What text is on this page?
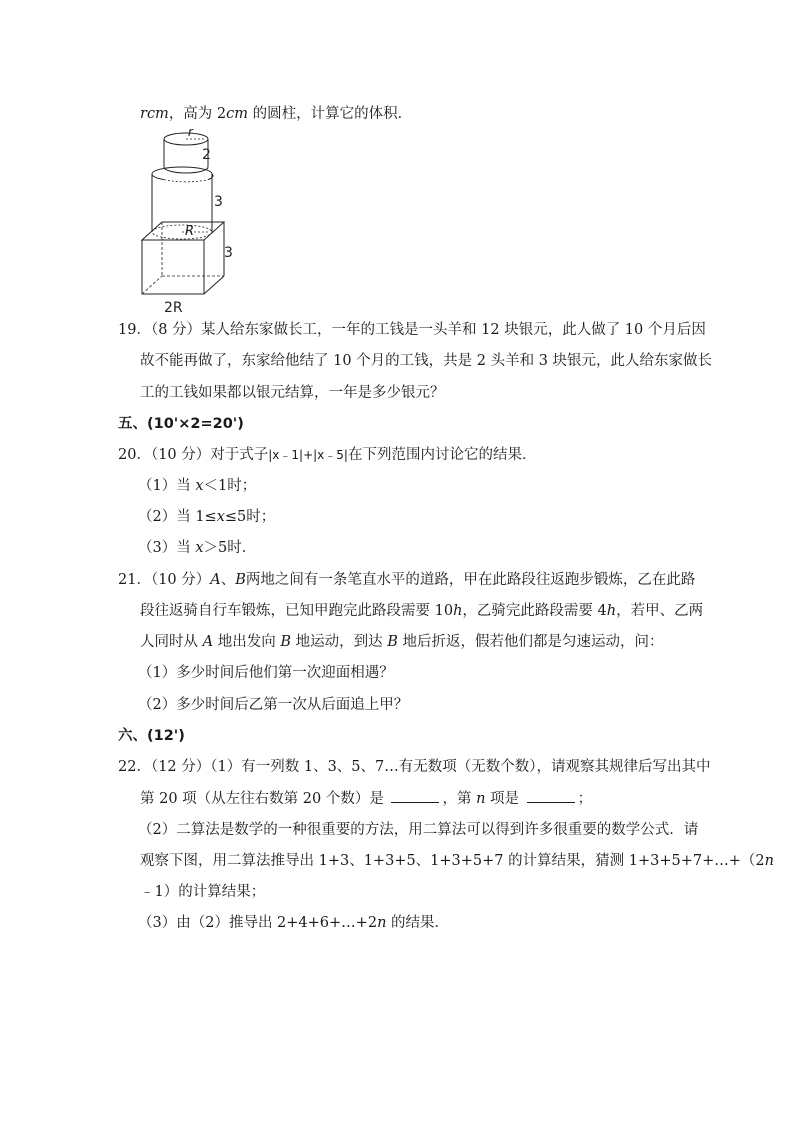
rcm，高为 2cm 的圆柱，计算它的体积．
r
2
3
R
3
2R
19．（8 分）某人给东家做长工，一年的工钱是一头羊和 12 块银元，此人做了 10 个月后因
故不能再做了，东家给他结了 10 个月的工钱，共是 2 头羊和 3 块银元，此人给东家做长
工的工钱如果都以银元结算，一年是多少银元？
五、(10'×2=20')
20．（10 分）对于式子|x﹣1|+|x﹣5|在下列范围内讨论它的结果．
（1）当 x＜1时；
（2）当 1≤x≤5时；
（3）当 x＞5时．
21．（10 分）A、B两地之间有一条笔直水平的道路，甲在此路段往返跑步锻炼，乙在此路
段往返骑自行车锻炼，已知甲跑完此路段需要 10h，乙骑完此路段需要 4h，若甲、乙两
人同时从 A 地出发向 B 地运动，到达 B 地后折返，假若他们都是匀速运动，问：
（1）多少时间后他们第一次迎面相遇？
（2）多少时间后乙第一次从后面追上甲？
六、(12')
22．（12 分）（1）有一列数 1、3、5、7…有无数项（无数个数），请观察其规律后写出其中
第 20 项（从左往右数第 20 个数）是	，第 n 项是	；
（2）二算法是数学的一种很重要的方法，用二算法可以得到许多很重要的数学公式．请
观察下图，用二算法推导出 1+3、1+3+5、1+3+5+7 的计算结果，猜测 1+3+5+7+…+（2n
﹣1）的计算结果；
（3）由（2）推导出 2+4+6+…+2n 的结果．
